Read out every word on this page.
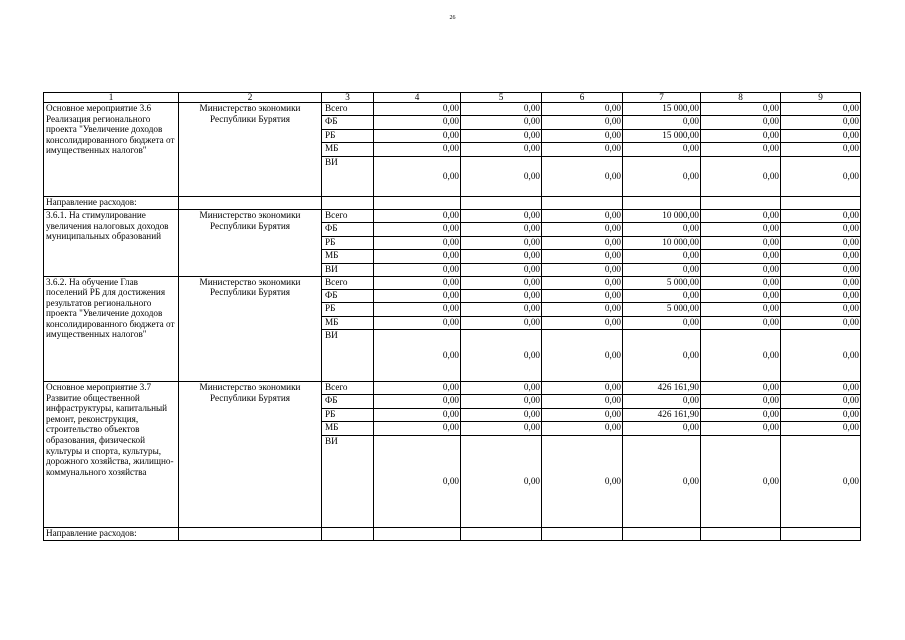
26
1	2	3	4	5	6	7	8	9
Основное мероприятие 3.6 Реализация регионального проекта "Увеличение доходов консолидированного бюджета от имущественных налогов"	Министерство экономики Республики Бурятия	Всего	0,00	0,00	0,00	15 000,00	0,00	0,00
		ФБ	0,00	0,00	0,00	0,00	0,00	0,00
		РБ	0,00	0,00	0,00	15 000,00	0,00	0,00
		МБ	0,00	0,00	0,00	0,00	0,00	0,00
		ВИ	0,00	0,00	0,00	0,00	0,00	0,00
Направление расходов:								
3.6.1. На стимулирование увеличения налоговых доходов муниципальных образований	Министерство экономики Республики Бурятия	Всего	0,00	0,00	0,00	10 000,00	0,00	0,00
		ФБ	0,00	0,00	0,00	0,00	0,00	0,00
		РБ	0,00	0,00	0,00	10 000,00	0,00	0,00
		МБ	0,00	0,00	0,00	0,00	0,00	0,00
		ВИ	0,00	0,00	0,00	0,00	0,00	0,00
3.6.2. На обучение Глав поселений РБ для достижения результатов регионального проекта "Увеличение доходов консолидированного бюджета от имущественных налогов"	Министерство экономики Республики Бурятия	Всего	0,00	0,00	0,00	5 000,00	0,00	0,00
		ФБ	0,00	0,00	0,00	0,00	0,00	0,00
		РБ	0,00	0,00	0,00	5 000,00	0,00	0,00
		МБ	0,00	0,00	0,00	0,00	0,00	0,00
		ВИ	0,00	0,00	0,00	0,00	0,00	0,00
Основное мероприятие 3.7 Развитие общественной инфраструктуры, капитальный ремонт, реконструкция, строительство объектов образования, физической культуры и спорта, культуры, дорожного хозяйства, жилищно-коммунального хозяйства	Министерство экономики Республики Бурятия	Всего	0,00	0,00	0,00	426 161,90	0,00	0,00
		ФБ	0,00	0,00	0,00	0,00	0,00	0,00
		РБ	0,00	0,00	0,00	426 161,90	0,00	0,00
		МБ	0,00	0,00	0,00	0,00	0,00	0,00
		ВИ	0,00	0,00	0,00	0,00	0,00	0,00
Направление расходов:								
